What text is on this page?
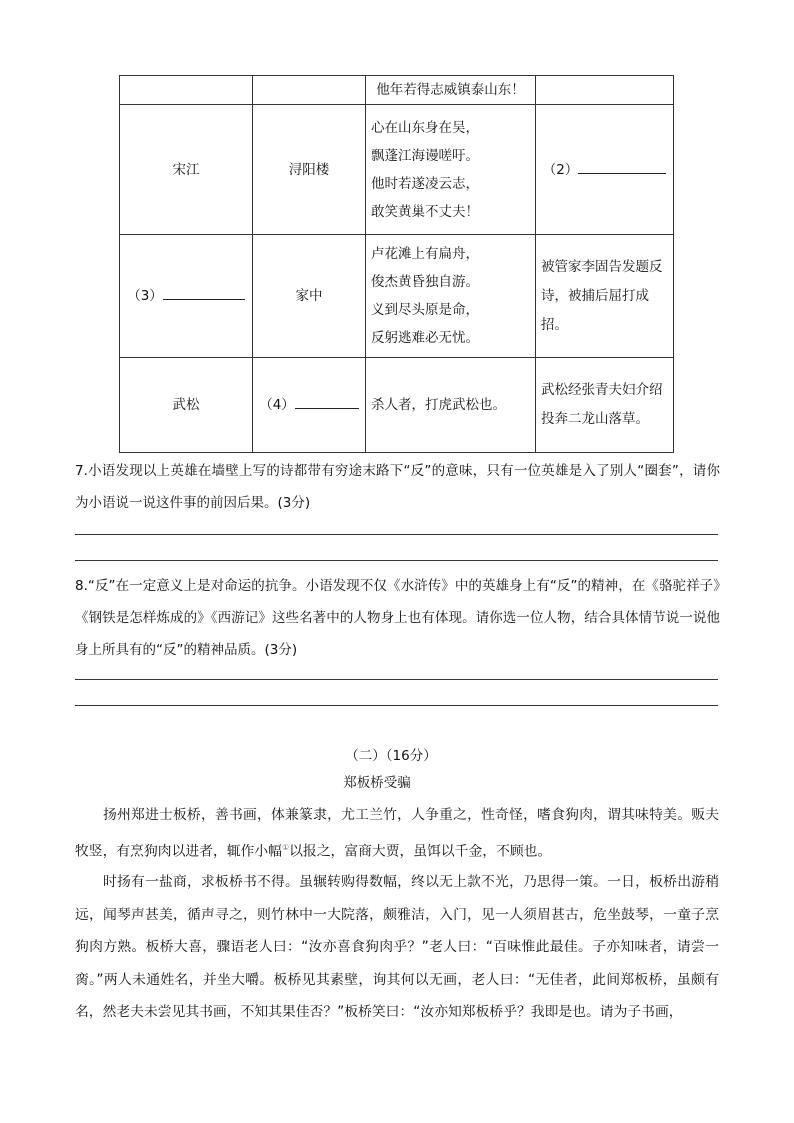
		他年若得志威镇泰山东！	
宋江	浔阳楼	心在山东身在吴，
飘蓬江海谩嗟吁。
他时若遂凌云志，
敢笑黄巢不丈夫！	（2）
（3）	家中	卢花滩上有扁舟，
俊杰黄昏独自游。
义到尽头原是命，
反躬逃难必无忧。	被管家李固告发题反诗，被捕后屈打成招。
武松	（4）	杀人者，打虎武松也。	武松经张青夫妇介绍投奔二龙山落草。
7.小语发现以上英雄在墙壁上写的诗都带有穷途末路下“反”的意味，只有一位英雄是入了别人“圈套”，请你为小语说一说这件事的前因后果。(3分)
8.“反”在一定意义上是对命运的抗争。小语发现不仅《水浒传》中的英雄身上有“反”的精神，在《骆驼祥子》《钢铁是怎样炼成的》《西游记》这些名著中的人物身上也有体现。请你选一位人物，结合具体情节说一说他身上所具有的“反”的精神品质。(3分)
（二）（16分）
郑板桥受骗
扬州郑进士板桥，善书画，体兼篆隶，尤工兰竹，人争重之，性奇怪，嗜食狗肉，谓其味特美。贩夫牧竖，有烹狗肉以进者，辄作小幅①以报之，富商大贾，虽饵以千金，不顾也。
时扬有一盐商，求板桥书不得。虽辗转购得数幅，终以无上款不光，乃思得一策。一日，板桥出游稍远，闻琴声甚美，循声寻之，则竹林中一大院落，颇雅洁，入门，见一人须眉甚古，危坐鼓琴，一童子烹狗肉方熟。板桥大喜，骤语老人曰：“汝亦喜食狗肉乎？”老人曰：“百味惟此最佳。子亦知味者，请尝一脔。”两人未通姓名，并坐大嚼。板桥见其素壁，询其何以无画，老人曰：“无佳者，此间郑板桥，虽颇有名，然老夫未尝见其书画，不知其果佳否？”板桥笑曰：“汝亦知郑板桥乎？我即是也。请为子书画，
